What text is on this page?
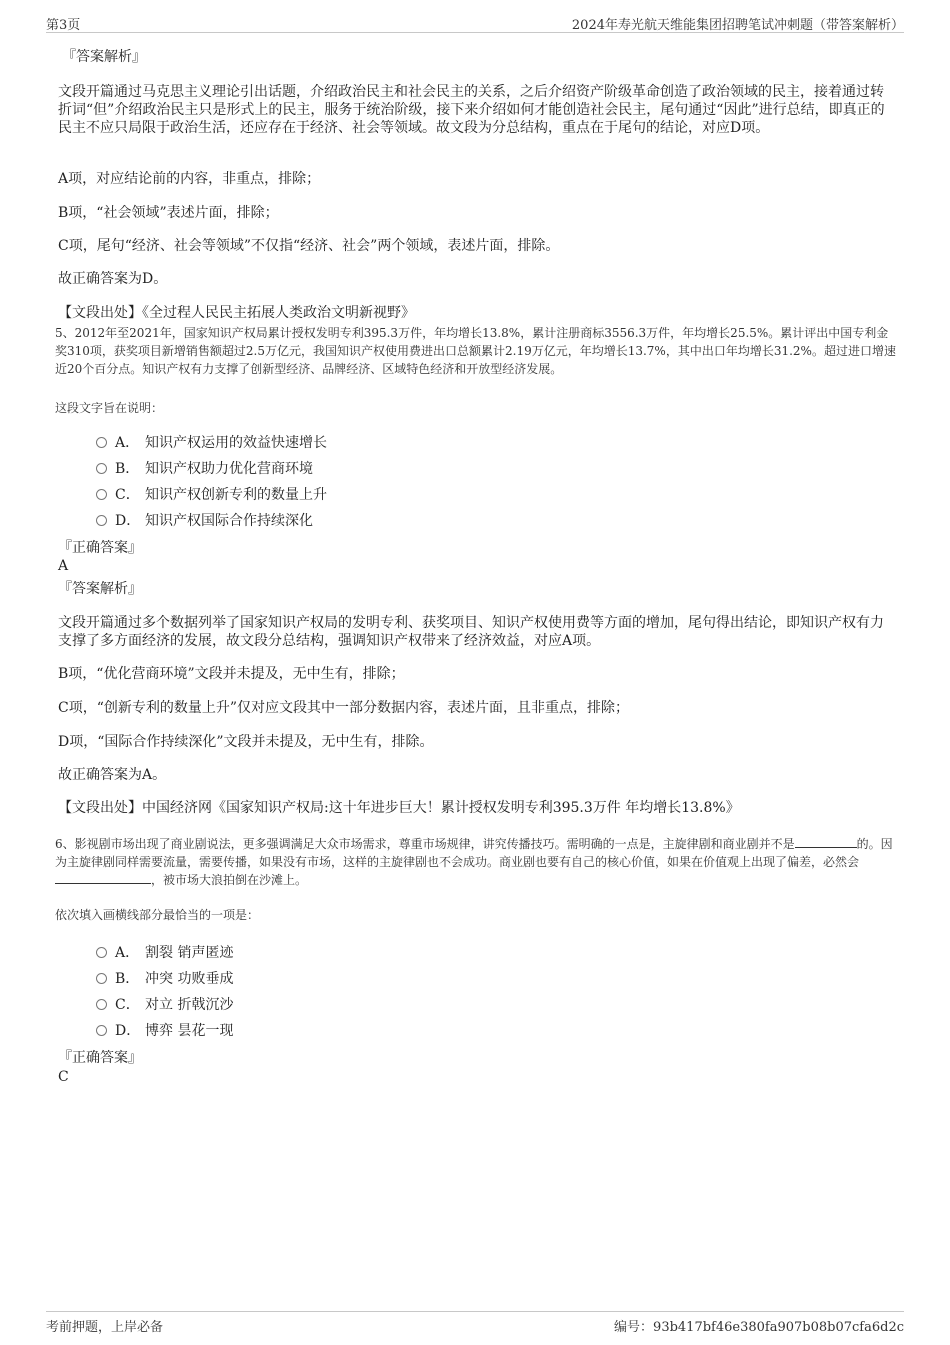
第3页	2024年寿光航天维能集团招聘笔试冲刺题（带答案解析）
『答案解析』
文段开篇通过马克思主义理论引出话题，介绍政治民主和社会民主的关系，之后介绍资产阶级革命创造了政治领域的民主，接着通过转折词“但”介绍政治民主只是形式上的民主，服务于统治阶级，接下来介绍如何才能创造社会民主，尾句通过“因此”进行总结，即真正的民主不应只局限于政治生活，还应存在于经济、社会等领域。故文段为分总结构，重点在于尾句的结论，对应D项。
A项，对应结论前的内容，非重点，排除；
B项，“社会领域”表述片面，排除；
C项，尾句“经济、社会等领域”不仅指“经济、社会”两个领域，表述片面，排除。
故正确答案为D。
【文段出处】《全过程人民民主拓展人类政治文明新视野》
5、2012年至2021年，国家知识产权局累计授权发明专利395.3万件，年均增长13.8%，累计注册商标3556.3万件，年均增长25.5%。累计评出中国专利金奖310项，获奖项目新增销售额超过2.5万亿元，我国知识产权使用费进出口总额累计2.19万亿元，年均增长13.7%，其中出口年均增长31.2%。超过进口增速近20个百分点。知识产权有力支撑了创新型经济、品牌经济、区域特色经济和开放型经济发展。
这段文字旨在说明：
A． 知识产权运用的效益快速增长
B． 知识产权助力优化营商环境
C． 知识产权创新专利的数量上升
D． 知识产权国际合作持续深化
『正确答案』
A
『答案解析』
文段开篇通过多个数据列举了国家知识产权局的发明专利、获奖项目、知识产权使用费等方面的增加，尾句得出结论，即知识产权有力支撑了多方面经济的发展，故文段分总结构，强调知识产权带来了经济效益，对应A项。
B项，“优化营商环境”文段并未提及，无中生有，排除；
C项，“创新专利的数量上升”仅对应文段其中一部分数据内容，表述片面，且非重点，排除；
D项，“国际合作持续深化”文段并未提及，无中生有，排除。
故正确答案为A。
【文段出处】中国经济网《国家知识产权局:这十年进步巨大！累计授权发明专利395.3万件 年均增长13.8%》
6、影视剧市场出现了商业剧说法，更多强调满足大众市场需求，尊重市场规律，讲究传播技巧。需明确的一点是，主旋律剧和商业剧并不是	的。因为主旋律剧同样需要流量，需要传播，如果没有市场，这样的主旋律剧也不会成功。商业剧也要有自己的核心价值，如果在价值观上出现了偏差，必然会 ，被市场大浪拍倒在沙滩上。
依次填入画横线部分最恰当的一项是：
A． 割裂 销声匿迹
B． 冲突 功败垂成
C． 对立 折戟沉沙
D． 博弈 昙花一现
『正确答案』
C
考前押题，上岸必备	编号：93b417bf46e380fa907b08b07cfa6d2c
